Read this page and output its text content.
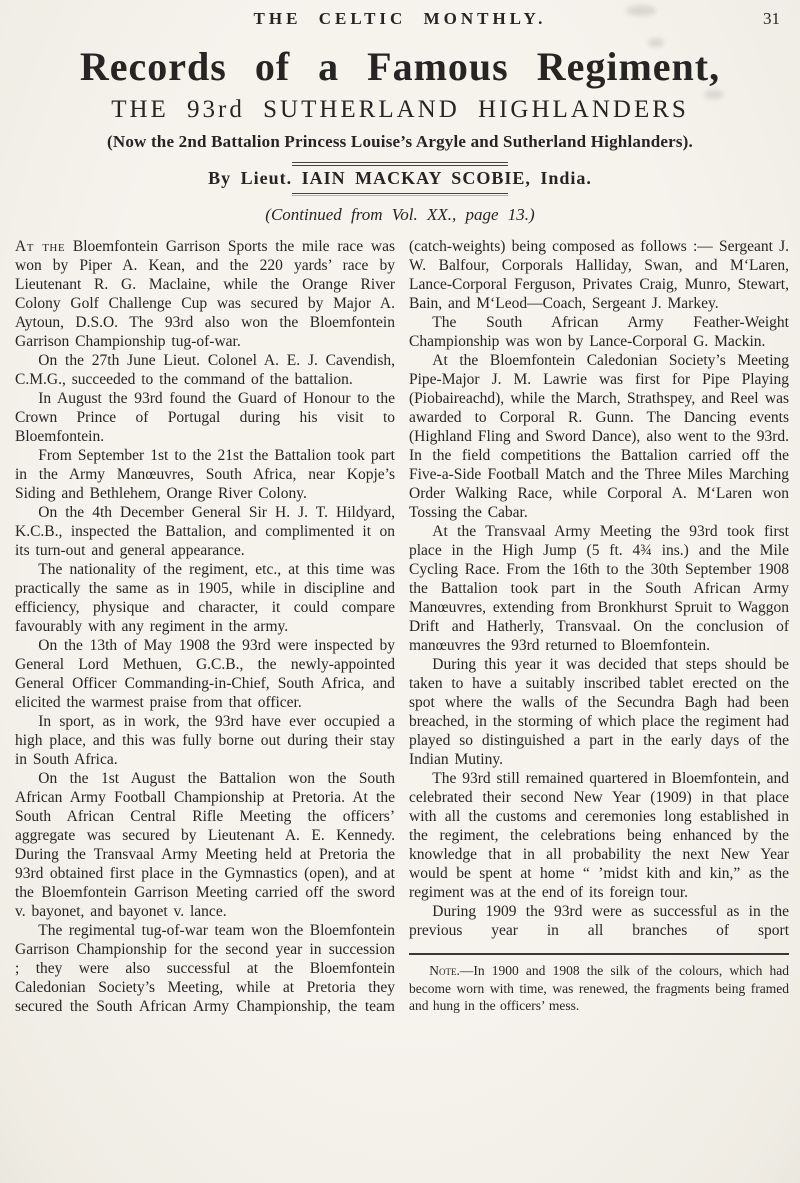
THE CELTIC MONTHLY.	31
Records of a Famous Regiment,
THE 93rd SUTHERLAND HIGHLANDERS
(Now the 2nd Battalion Princess Louise’s Argyle and Sutherland Highlanders).
By Lieut. IAIN MACKAY SCOBIE, India.
(Continued from Vol. XX., page 13.)

At the Bloemfontein Garrison Sports the mile race was won by Piper A. Kean, and the 220 yards’ race by Lieutenant R. G. Maclaine, while the Orange River Colony Golf Challenge Cup was secured by Major A. Aytoun, D.S.O. The 93rd also won the Bloemfontein Garrison Championship tug-of-war.

On the 27th June Lieut. Colonel A. E. J. Cavendish, C.M.G., succeeded to the command of the battalion.

In August the 93rd found the Guard of Honour to the Crown Prince of Portugal during his visit to Bloemfontein.

From September 1st to the 21st the Battalion took part in the Army Manœuvres, South Africa, near Kopje’s Siding and Bethlehem, Orange River Colony.

On the 4th December General Sir H. J. T. Hildyard, K.C.B., inspected the Battalion, and complimented it on its turn-out and general appearance.

The nationality of the regiment, etc., at this time was practically the same as in 1905, while in discipline and efficiency, physique and character, it could compare favourably with any regiment in the army.

On the 13th of May 1908 the 93rd were inspected by General Lord Methuen, G.C.B., the newly-appointed General Officer Commanding-in-Chief, South Africa, and elicited the warmest praise from that officer.

In sport, as in work, the 93rd have ever occupied a high place, and this was fully borne out during their stay in South Africa.

On the 1st August the Battalion won the South African Army Football Championship at Pretoria. At the South African Central Rifle Meeting the officers’ aggregate was secured by Lieutenant A. E. Kennedy. During the Transvaal Army Meeting held at Pretoria the 93rd obtained first place in the Gymnastics (open), and at the Bloemfontein Garrison Meeting carried off the sword v. bayonet, and bayonet v. lance.

The regimental tug-of-war team won the Bloemfontein Garrison Championship for the second year in succession ; they were also successful at the Bloemfontein Caledonian Society’s Meeting, while at Pretoria they secured the South African Army Championship, the team

(catch-weights) being composed as follows :— Sergeant J. W. Balfour, Corporals Halliday, Swan, and M‘Laren, Lance-Corporal Ferguson, Privates Craig, Munro, Stewart, Bain, and M‘Leod—Coach, Sergeant J. Markey.

The South African Army Feather-Weight Championship was won by Lance-Corporal G. Mackin.

At the Bloemfontein Caledonian Society’s Meeting Pipe-Major J. M. Lawrie was first for Pipe Playing (Piobaireachd), while the March, Strathspey, and Reel was awarded to Corporal R. Gunn. The Dancing events (Highland Fling and Sword Dance), also went to the 93rd. In the field competitions the Battalion carried off the Five-a-Side Football Match and the Three Miles Marching Order Walking Race, while Corporal A. M‘Laren won Tossing the Cabar.

At the Transvaal Army Meeting the 93rd took first place in the High Jump (5 ft. 4¾ ins.) and the Mile Cycling Race. From the 16th to the 30th September 1908 the Battalion took part in the South African Army Manœuvres, extending from Bronkhurst Spruit to Waggon Drift and Hatherly, Transvaal. On the conclusion of manœuvres the 93rd returned to Bloemfontein.

During this year it was decided that steps should be taken to have a suitably inscribed tablet erected on the spot where the walls of the Secundra Bagh had been breached, in the storming of which place the regiment had played so distinguished a part in the early days of the Indian Mutiny.

The 93rd still remained quartered in Bloemfontein, and celebrated their second New Year (1909) in that place with all the customs and ceremonies long established in the regiment, the celebrations being enhanced by the knowledge that in all probability the next New Year would be spent at home “ ’midst kith and kin,” as the regiment was at the end of its foreign tour.

During 1909 the 93rd were as successful as in the previous year in all branches of sport

Note.—In 1900 and 1908 the silk of the colours, which had become worn with time, was renewed, the fragments being framed and hung in the officers’ mess.
